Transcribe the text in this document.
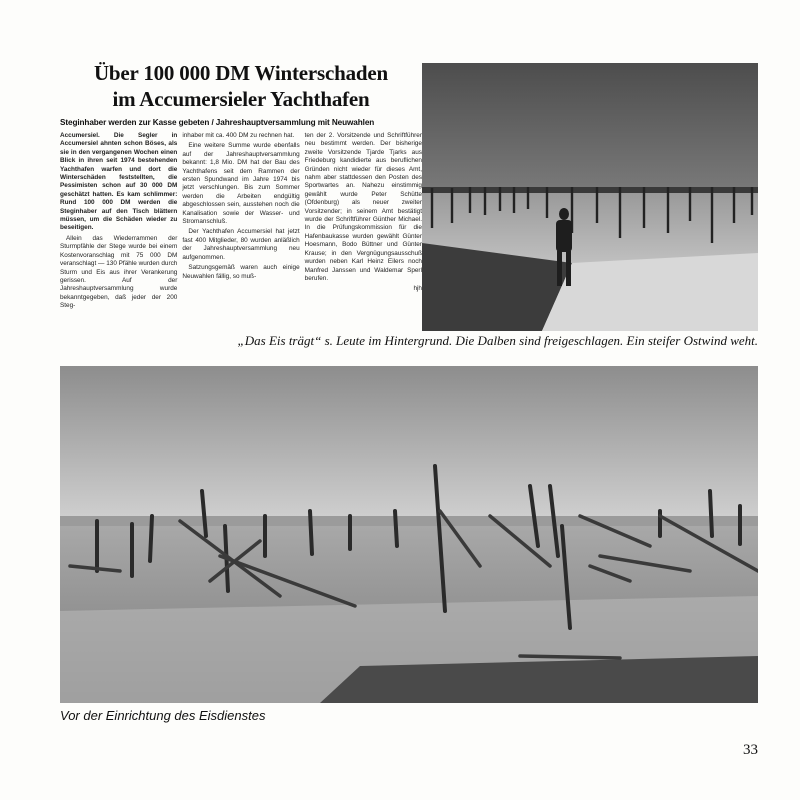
Über 100 000 DM Winterschaden
im Accumersieler Yachthafen
Steginhaber werden zur Kasse gebeten / Jahreshauptversammlung mit Neuwahlen

Accumersiel. Die Segler in Accumersiel ahnten schon Böses, als sie in den vergangenen Wochen einen Blick in ihren seit 1974 bestehenden Yachthafen warfen und dort die Winterschäden feststellten, die Pessimisten schon auf 30 000 DM geschätzt hatten. Es kam schlimmer: Rund 100 000 DM werden die Steginhaber auf den Tisch blättern müssen, um die Schäden wieder zu beseitigen.

Allein das Wiederrammen der Sturmpfähle der Stege wurde bei einem Kostenvoranschlag mit 75 000 DM veranschlagt — 130 Pfähle wurden durch Sturm und Eis aus ihrer Verankerung gerissen. Auf der Jahreshauptversammlung wurde bekanntgegeben, daß jeder der 200 Steg-

inhaber mit ca. 400 DM zu rechnen hat.

Eine weitere Summe wurde ebenfalls auf der Jahreshauptversammlung bekannt: 1,8 Mio. DM hat der Bau des Yachthafens seit dem Rammen der ersten Spundwand im Jahre 1974 bis jetzt verschlungen. Bis zum Sommer werden die Arbeiten endgültig abgeschlossen sein, ausstehen noch die Kanalisation sowie der Wasser- und Stromanschluß.

Der Yachthafen Accumersiel hat jetzt fast 400 Mitglieder, 80 wurden anläßlich der Jahreshauptversammlung neu aufgenommen.

Satzungsgemäß waren auch einige Neuwahlen fällig, so muß-

ten der 2. Vorsitzende und Schriftführer neu bestimmt werden. Der bisherige zweite Vorsitzende Tjarde Tjarks aus Friedeburg kandidierte aus beruflichen Gründen nicht wieder für dieses Amt, nahm aber stattdessen den Posten des Sportwartes an. Nahezu einstimmig gewählt wurde Peter Schütte (Ofdenburg) als neuer zweiter Vorsitzender; in seinem Amt bestätigt wurde der Schriftführer Günther Michael. In die Prüfungskommission für die Hafenbaukasse wurden gewählt Günter Hoesmann, Bodo Büttner und Günter Krause; in den Vergnügungsausschuß wurden neben Karl Heinz Eilers noch Manfred Janssen und Waldemar Sperl berufen.

hjh

„Das Eis trägt“ s. Leute im Hintergrund. Die Dalben sind freigeschlagen. Ein steifer Ostwind weht.
Vor der Einrichtung des Eisdienstes
33
